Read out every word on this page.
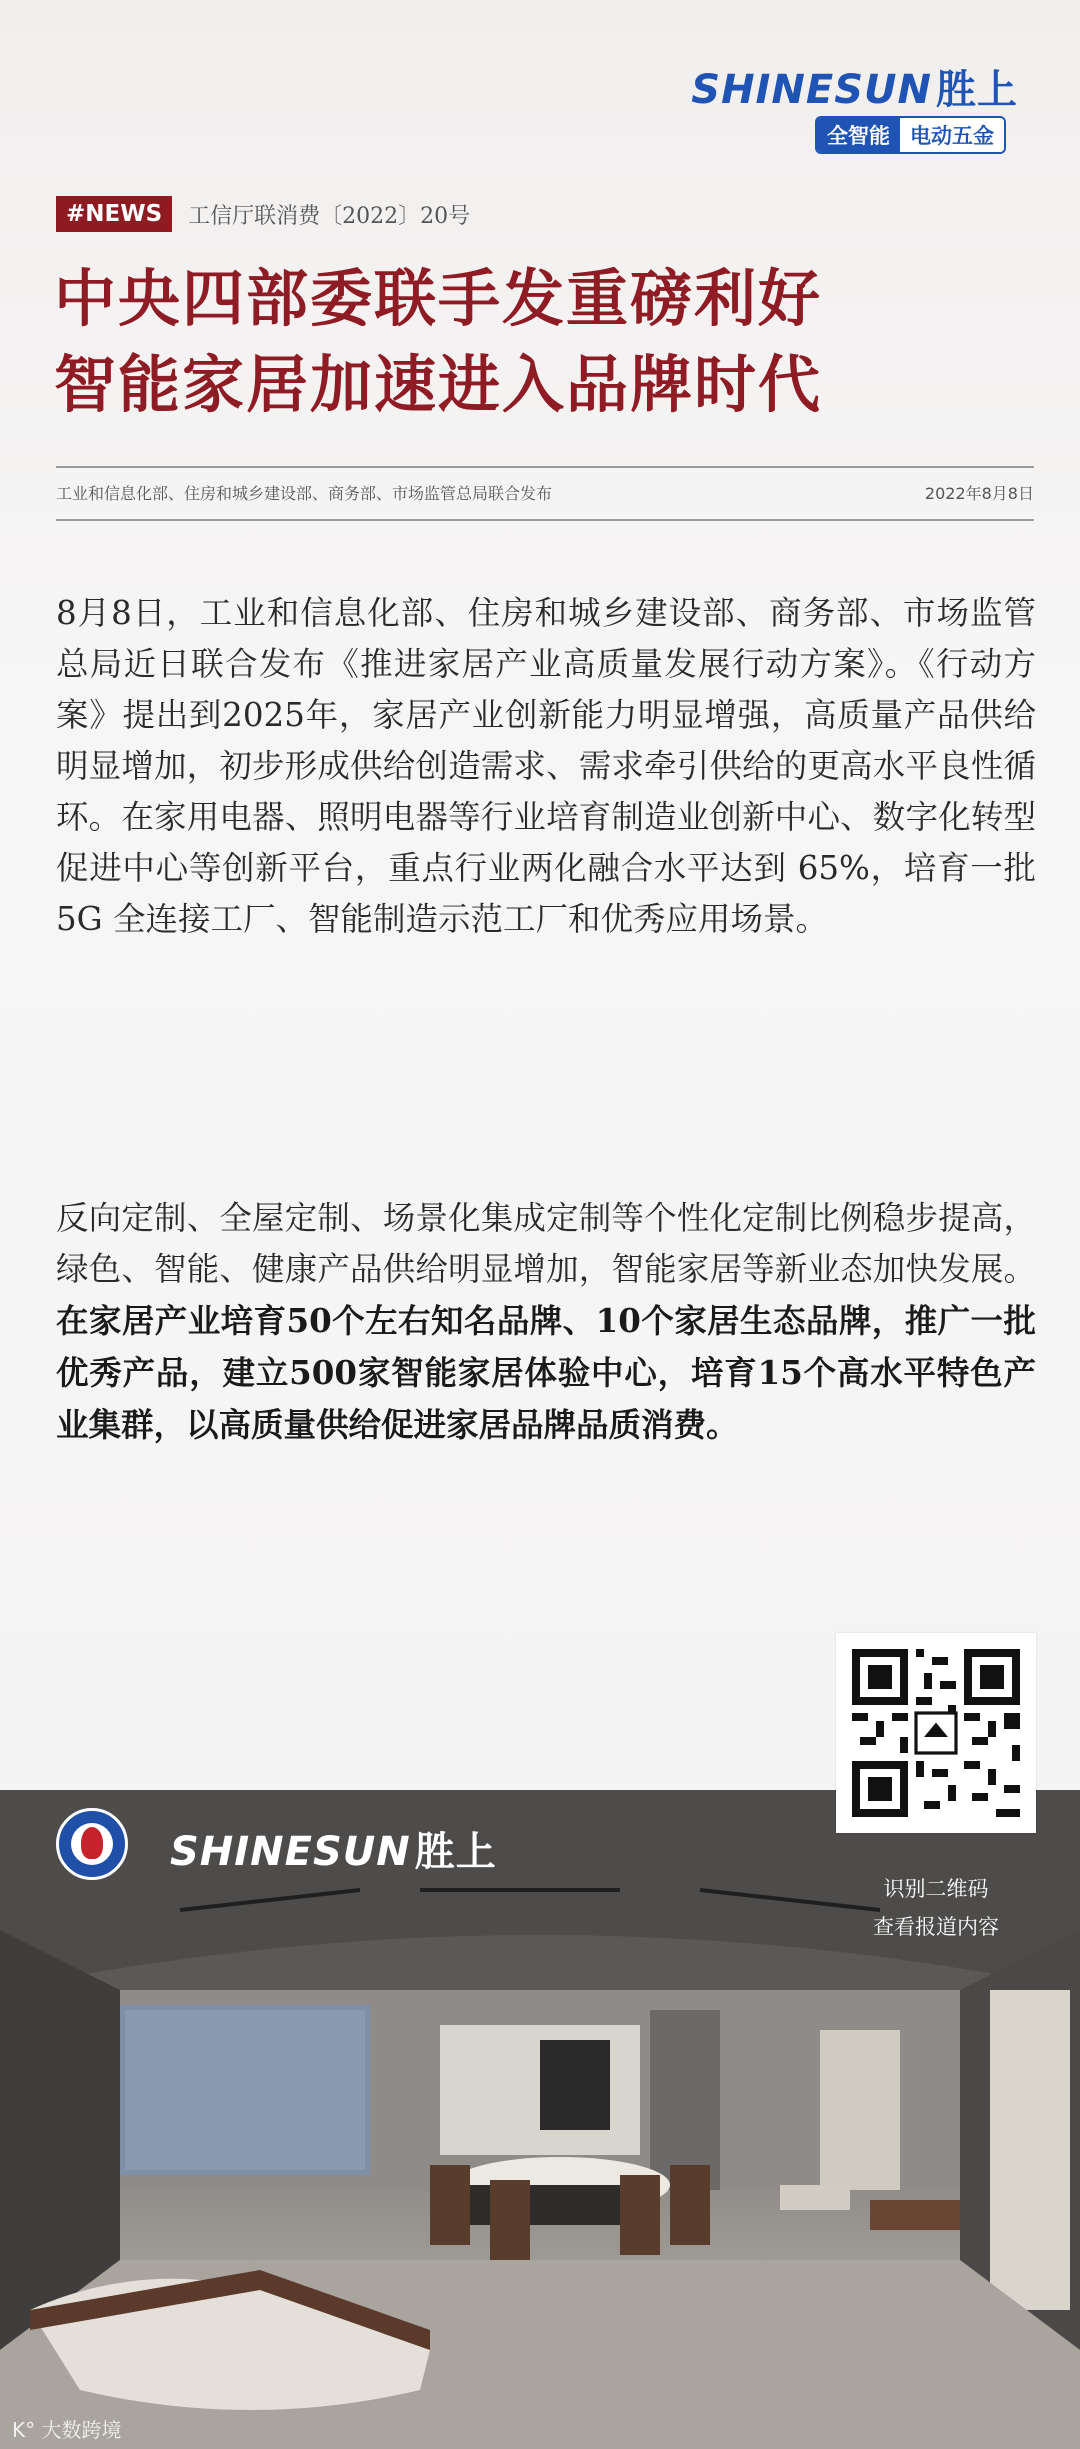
SHINESUN 胜上
全智能 电动五金
#NEWS	工信厅联消费〔2022〕20号
中央四部委联手发重磅利好
智能家居加速进入品牌时代
工业和信息化部、住房和城乡建设部、商务部、市场监管总局联合发布	2022年8月8日
8月8日，工业和信息化部、住房和城乡建设部、商务部、市场监管总局近日联合发布《推进家居产业高质量发展行动方案》。《行动方案》提出到2025年，家居产业创新能力明显增强，高质量产品供给明显增加，初步形成供给创造需求、需求牵引供给的更高水平良性循环。在家用电器、照明电器等行业培育制造业创新中心、数字化转型促进中心等创新平台，重点行业两化融合水平达到 65%，培育一批 5G 全连接工厂、智能制造示范工厂和优秀应用场景。
反向定制、全屋定制、场景化集成定制等个性化定制比例稳步提高，绿色、智能、健康产品供给明显增加，智能家居等新业态加快发展。在家居产业培育50个左右知名品牌、10个家居生态品牌，推广一批优秀产品，建立500家智能家居体验中心，培育15个高水平特色产业集群，以高质量供给促进家居品牌品质消费。
SHINESUN 胜上
识别二维码
查看报道内容
K° 大数跨境
